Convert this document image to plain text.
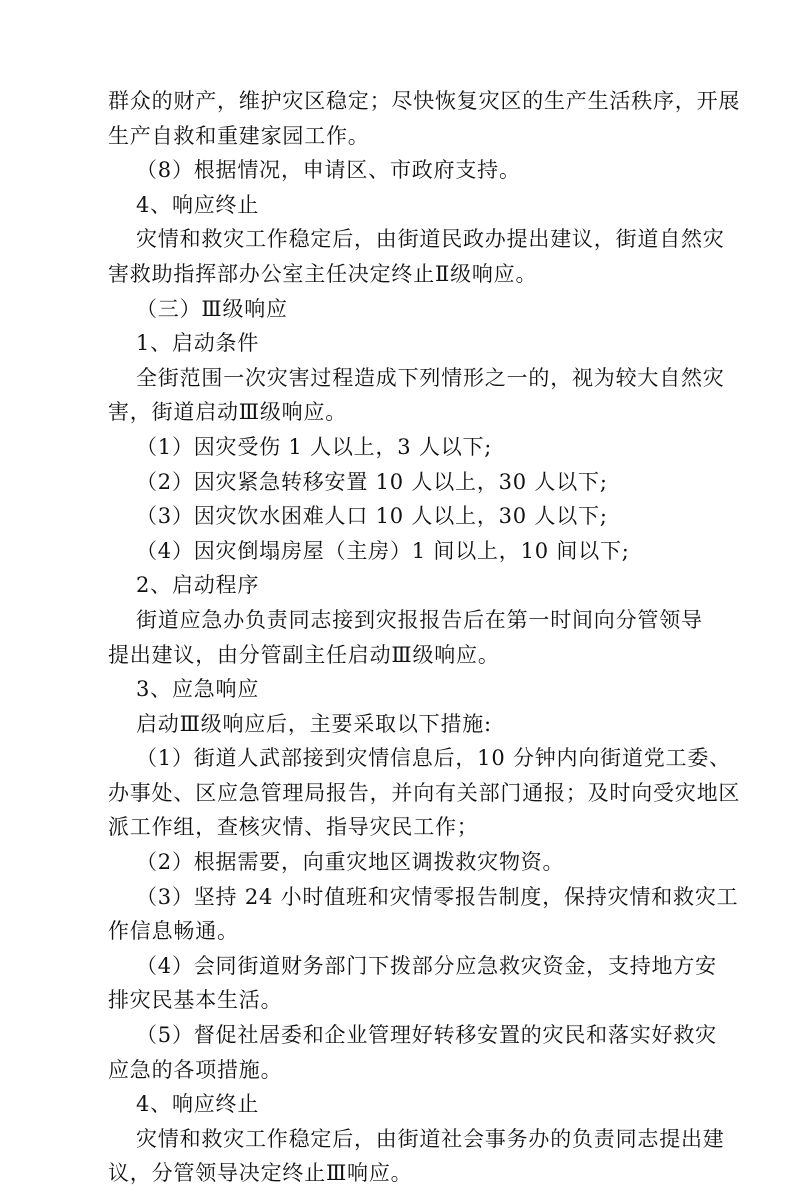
群众的财产，维护灾区稳定；尽快恢复灾区的生产生活秩序，开展
生产自救和重建家园工作。
（8）根据情况，申请区、市政府支持。
4、响应终止
灾情和救灾工作稳定后，由街道民政办提出建议，街道自然灾
害救助指挥部办公室主任决定终止Ⅱ级响应。
（三）Ⅲ级响应
1、启动条件
全街范围一次灾害过程造成下列情形之一的，视为较大自然灾
害，街道启动Ⅲ级响应。
（1）因灾受伤 1 人以上，3 人以下;
（2）因灾紧急转移安置 10 人以上，30 人以下;
（3）因灾饮水困难人口 10 人以上，30 人以下;
（4）因灾倒塌房屋（主房）1 间以上，10 间以下;
2、启动程序
街道应急办负责同志接到灾报报告后在第一时间向分管领导
提出建议，由分管副主任启动Ⅲ级响应。
3、应急响应
启动Ⅲ级响应后，主要采取以下措施:
（1）街道人武部接到灾情信息后，10 分钟内向街道党工委、
办事处、区应急管理局报告，并向有关部门通报；及时向受灾地区
派工作组，查核灾情、指导灾民工作；
（2）根据需要，向重灾地区调拨救灾物资。
（3）坚持 24 小时值班和灾情零报告制度，保持灾情和救灾工
作信息畅通。
（4）会同街道财务部门下拨部分应急救灾资金，支持地方安
排灾民基本生活。
（5）督促社居委和企业管理好转移安置的灾民和落实好救灾
应急的各项措施。
4、响应终止
灾情和救灾工作稳定后，由街道社会事务办的负责同志提出建
议，分管领导决定终止Ⅲ响应。
